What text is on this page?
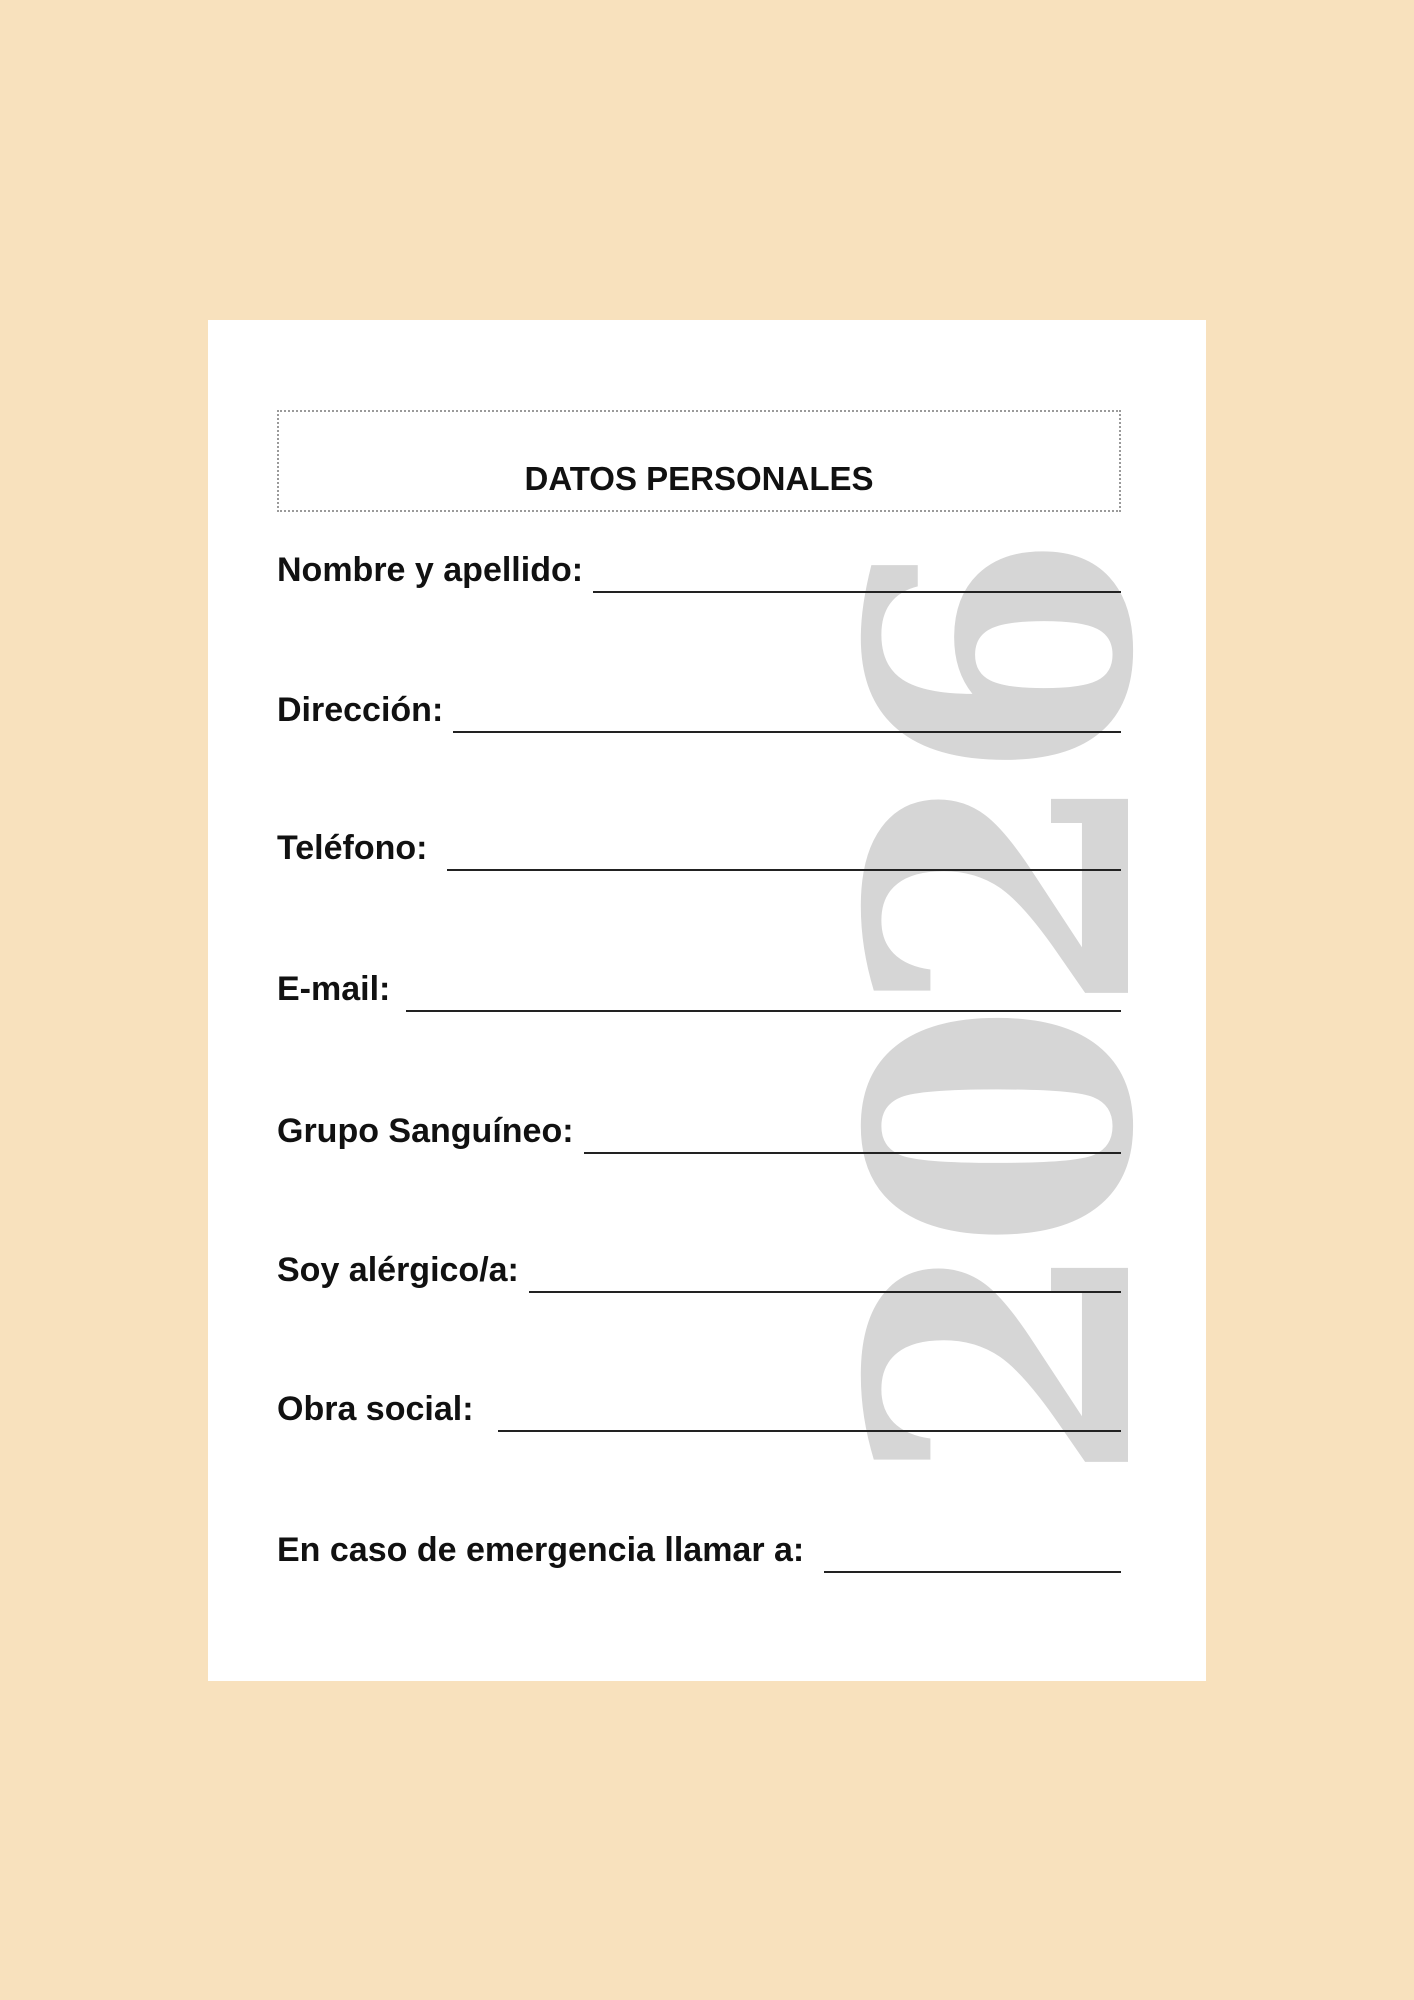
2026
DATOS PERSONALES
Nombre y apellido:
Dirección:
Teléfono:
E-mail:
Grupo Sanguíneo:
Soy alérgico/a:
Obra social:
En caso de emergencia llamar a:
